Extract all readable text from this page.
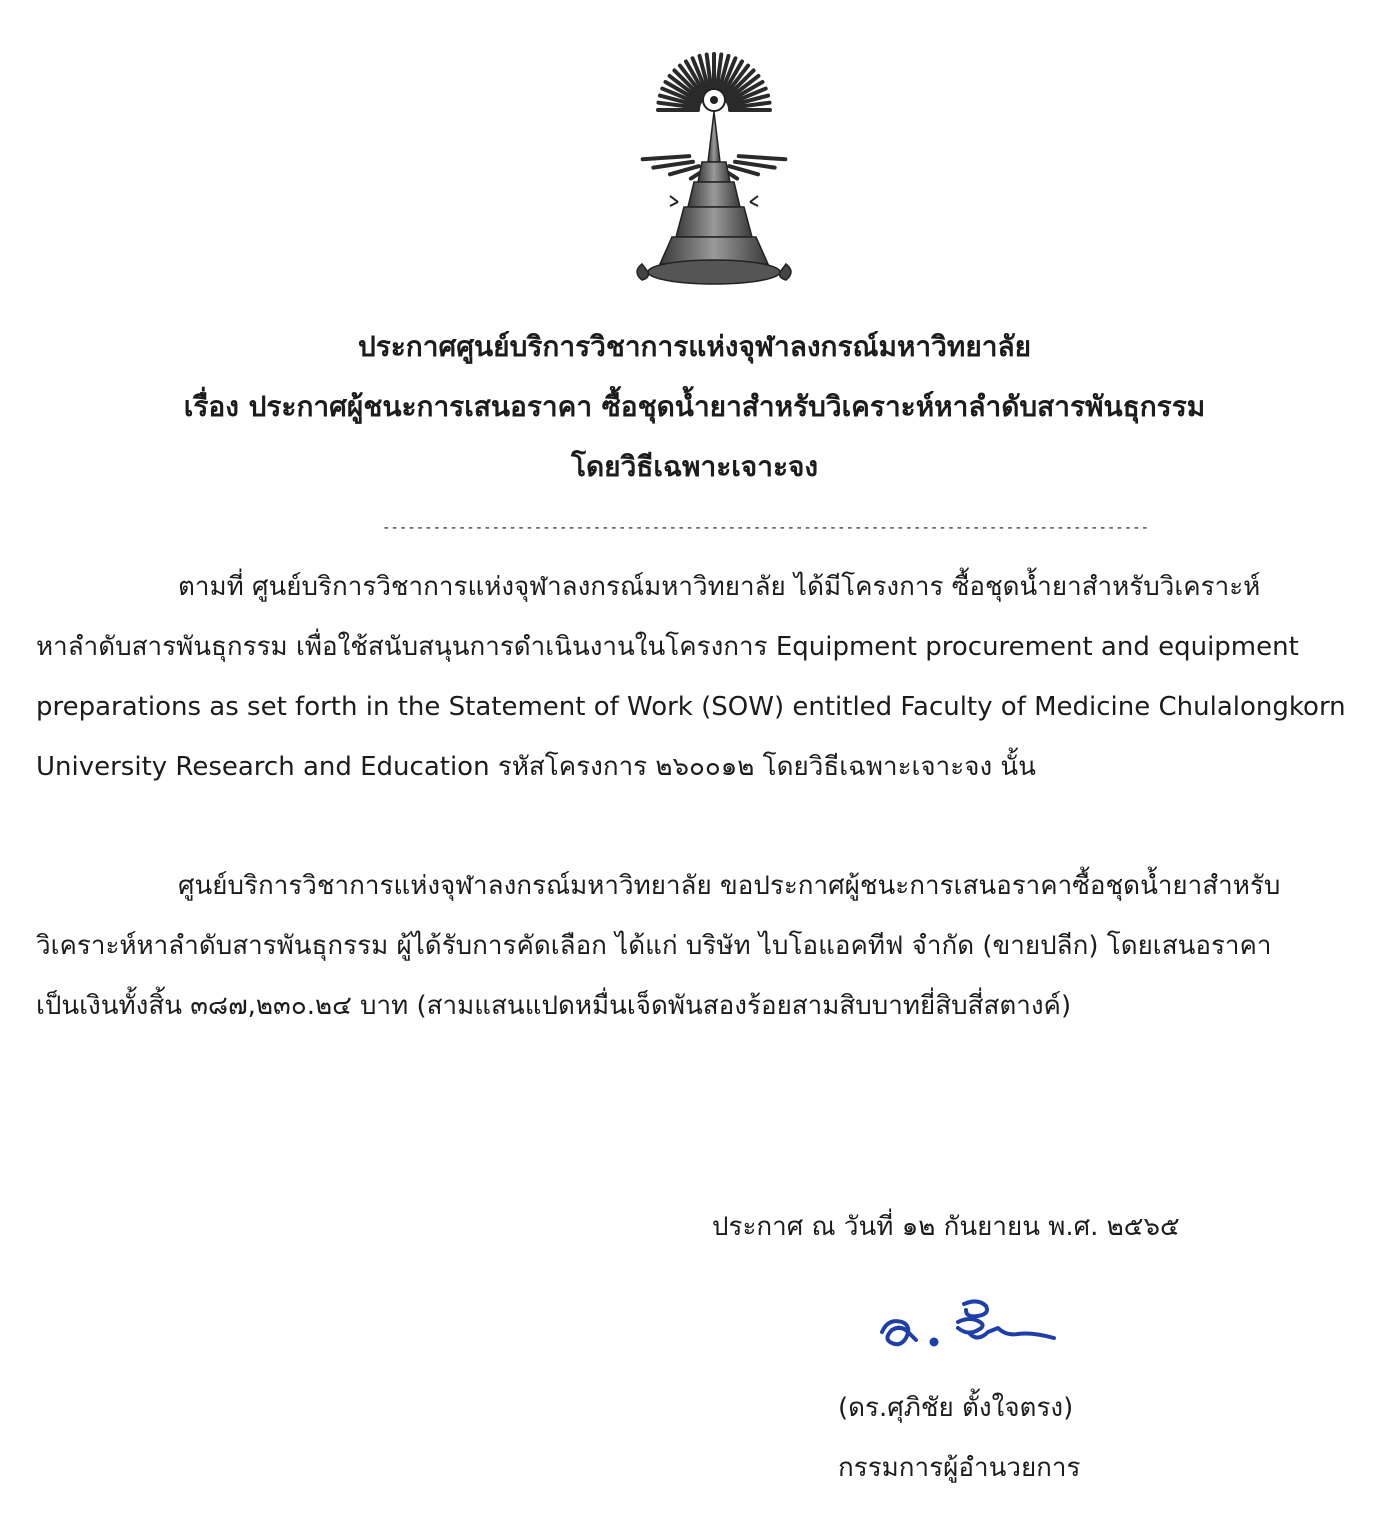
ประกาศศูนย์บริการวิชาการแห่งจุฬาลงกรณ์มหาวิทยาลัย
เรื่อง ประกาศผู้ชนะการเสนอราคา ซื้อชุดน้ำยาสำหรับวิเคราะห์หาลำดับสารพันธุกรรม
โดยวิธีเฉพาะเจาะจง
-------------------------------------------------------------------------------------------
ตามที่ ศูนย์บริการวิชาการแห่งจุฬาลงกรณ์มหาวิทยาลัย ได้มีโครงการ ซื้อชุดน้ำยาสำหรับวิเคราะห์
หาลำดับสารพันธุกรรม เพื่อใช้สนับสนุนการดำเนินงานในโครงการ Equipment procurement and equipment
preparations as set forth in the Statement of Work (SOW) entitled Faculty of Medicine Chulalongkorn
University Research and Education รหัสโครงการ ๒๖๐๐๑๒ โดยวิธีเฉพาะเจาะจง นั้น
ศูนย์บริการวิชาการแห่งจุฬาลงกรณ์มหาวิทยาลัย ขอประกาศผู้ชนะการเสนอราคาซื้อชุดน้ำยาสำหรับ
วิเคราะห์หาลำดับสารพันธุกรรม ผู้ได้รับการคัดเลือก ได้แก่ บริษัท ไบโอแอคทีฟ จำกัด (ขายปลีก) โดยเสนอราคา
เป็นเงินทั้งสิ้น ๓๘๗,๒๓๐.๒๔ บาท (สามแสนแปดหมื่นเจ็ดพันสองร้อยสามสิบบาทยี่สิบสี่สตางค์)
ประกาศ ณ วันที่ ๑๒ กันยายน พ.ศ. ๒๕๖๕
(ดร.ศุภิชัย ตั้งใจตรง)
กรรมการผู้อำนวยการ
